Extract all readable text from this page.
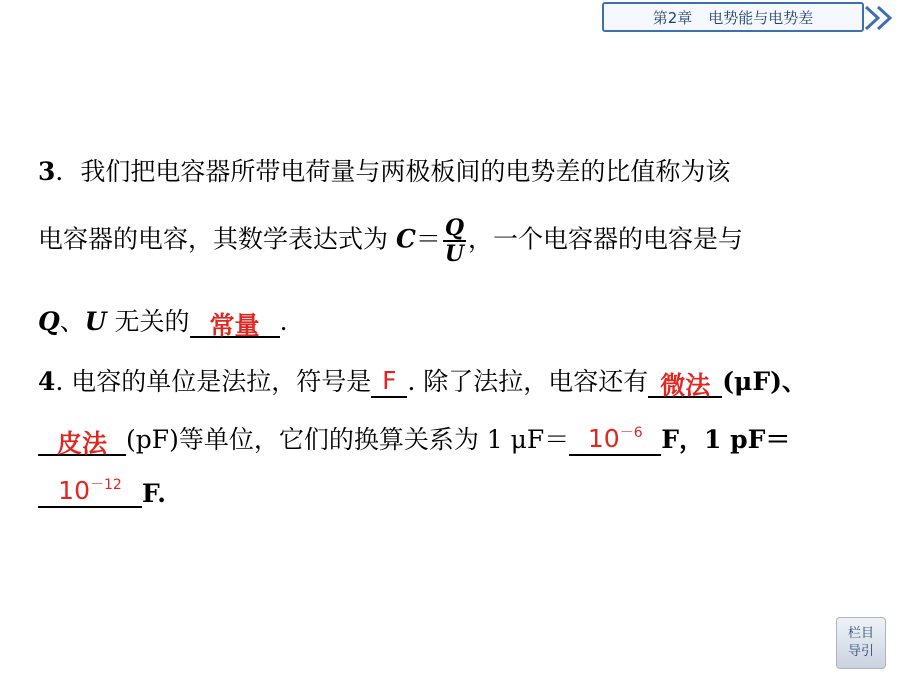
第2章 电势能与电势差
3．我们把电容器所带电荷量与两极板间的电势差的比值称为该
电容器的电容，其数学表达式为 $C= \frac{Q}{U}$ ，一个电容器的电容是与
Q、U 无关的 常量 .
4. 电容的单位是法拉，符号是 F . 除了法拉，电容还有 微法 (μF)、
皮法 (pF)等单位，它们的换算关系为 1 $\mu F= 10^{-6}$ F，1 pF＝
$10^{-12}$ F.
栏目
导引
